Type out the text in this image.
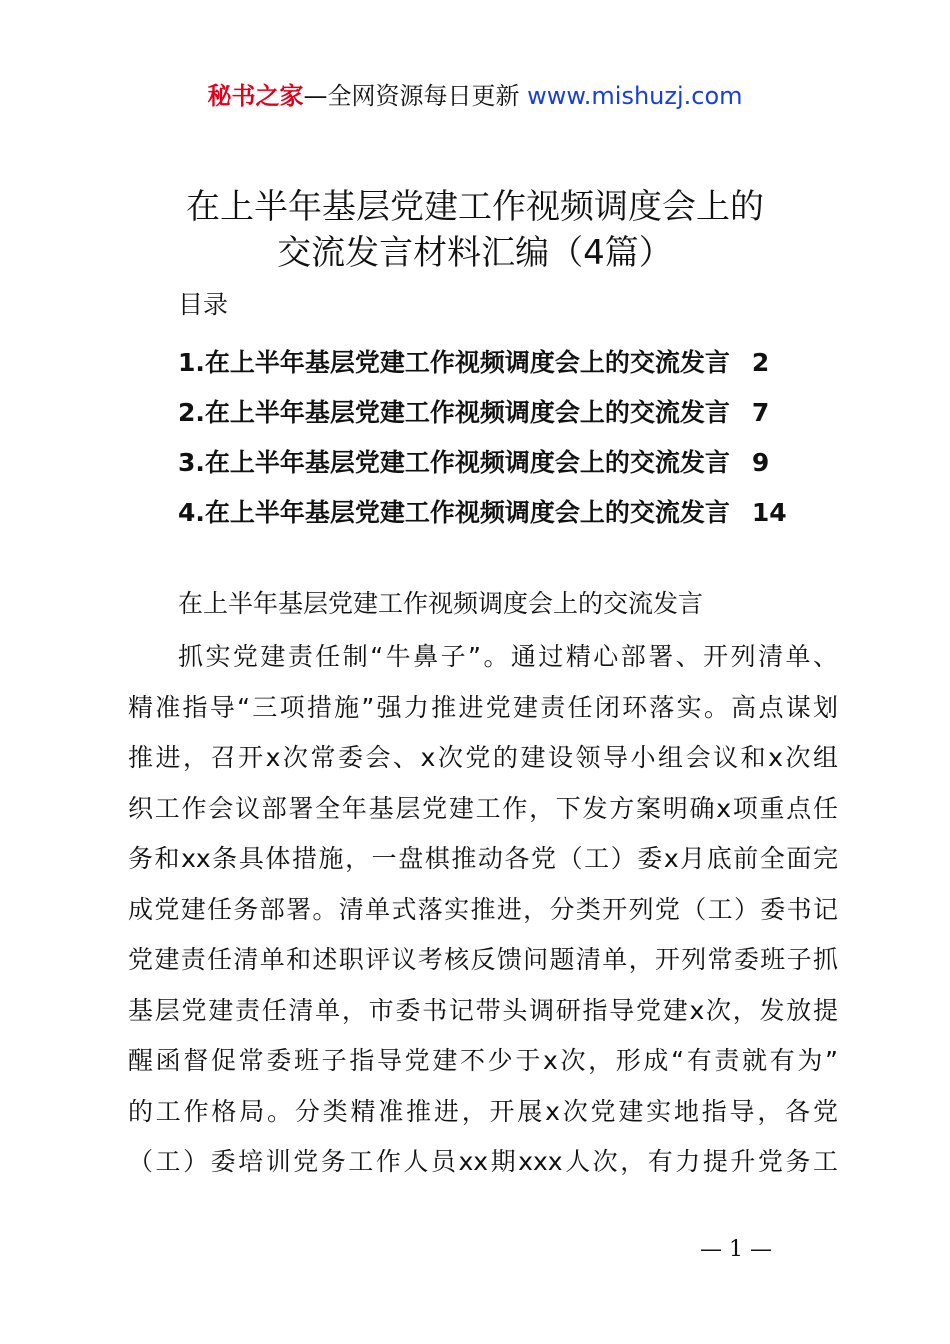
秘书之家—全网资源每日更新 www.mishuzj.com
在上半年基层党建工作视频调度会上的
交流发言材料汇编（4篇）
目录
1.在上半年基层党建工作视频调度会上的交流发言 2
2.在上半年基层党建工作视频调度会上的交流发言 7
3.在上半年基层党建工作视频调度会上的交流发言 9
4.在上半年基层党建工作视频调度会上的交流发言 14
在上半年基层党建工作视频调度会上的交流发言
抓实党建责任制“牛鼻子”。通过精心部署、开列清单、
精准指导“三项措施”强力推进党建责任闭环落实。高点谋划
推进，召开x次常委会、x次党的建设领导小组会议和x次组
织工作会议部署全年基层党建工作，下发方案明确x项重点任
务和xx条具体措施，一盘棋推动各党（工）委x月底前全面完
成党建任务部署。清单式落实推进，分类开列党（工）委书记
党建责任清单和述职评议考核反馈问题清单，开列常委班子抓
基层党建责任清单，市委书记带头调研指导党建x次，发放提
醒函督促常委班子指导党建不少于x次，形成“有责就有为”
的工作格局。分类精准推进，开展x次党建实地指导，各党
（工）委培训党务工作人员xx期xxx人次，有力提升党务工
— 1 —
